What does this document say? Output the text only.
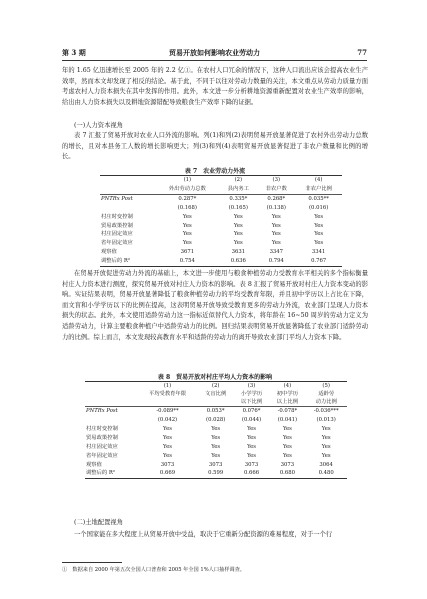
第 3 期	贸易开放如何影响农业劳动力	77

年的 1.65 亿迅速增长至 2005 年的 2.2 亿①。在农村人口冗余的情况下，这种人口流出应该会提高农业生产效率，然而本文却发现了相反的结论。基于此，不同于以往对劳动力数量的关注，本文重点从劳动力质量方面考虑农村人力资本损失在其中发挥的作用。此外，本文进一步分析耕地资源重新配置对农业生产效率的影响，给出由人力资本损失以及耕地资源错配导致粮食生产效率下降的证据。

(一)人力资本视角

表 7 汇报了贸易开放对农业人口外流的影响。列(1)和列(2)表明贸易开放显著促进了农村外出劳动力总数的增长，且对本县务工人数的增长影响更大；列(3)和列(4)表明贸易开放显著促进了非农户数量和比例的增长。

表 7　农业劳动力外流

	(1)	(2)	(3)	(4)
	外出劳动力总数	县内务工	非农户数	非农户比例
PNTRx Post	0.287*	0.335*	0.268*	0.035**
	(0.168)	(0.165)	(0.138)	(0.016)
村庄时变控制	Yes	Yes	Yes	Yes
贸易政策控制	Yes	Yes	Yes	Yes
村庄固定效应	Yes	Yes	Yes	Yes
省年固定效应	Yes	Yes	Yes	Yes
观察值	3671	3631	3347	3341
调整后的 R²	0.754	0.636	0.794	0.767

在贸易开放促进劳动力外流的基础上，本文进一步使用与粮食种植劳动力受教育水平相关的多个指标衡量村庄人力资本进行测度，探究贸易开放对村庄人力资本的影响。表 8 汇报了贸易开放对村庄人力资本变动的影响。实证结果表明，贸易开放显著降低了粮食种植劳动力的平均受教育年限，并且初中学历以上占比在下降，而文盲和小学学历以下的比例在提高，这表明贸易开放导致受教育更多的劳动力外流，农业部门呈现人力资本损失的状态。此外，本文使用适龄劳动力这一指标近似替代人力资本，将年龄在 16∼50 周岁的劳动力定义为适龄劳动力，计算主要粮食种植户中适龄劳动力的比例。回归结果表明贸易开放显著降低了农业部门适龄劳动力的比例。综上而言，本文发现较高教育水平和适龄的劳动力的离开导致农业部门平均人力资本下降。

表 8　贸易开放对村庄平均人力资本的影响

	(1)	(2)	(3)	(4)	(5)
	平均受教育年限	文盲比例	小学学历	初中学历	适龄劳
			以下比例	以上比例	动力比例
PNTRx Post	-0.089**	0.053*	0.076*	-0.078*	-0.036***
	(0.042)	(0.028)	(0.044)	(0.041)	(0.013)
村庄时变控制	Yes	Yes	Yes	Yes	Yes
贸易政策控制	Yes	Yes	Yes	Yes	Yes
村庄固定效应	Yes	Yes	Yes	Yes	Yes
省年固定效应	Yes	Yes	Yes	Yes	Yes
观察值	3073	3073	3073	3073	3064
调整后的 R²	0.669	0.599	0.666	0.680	0.480

(二)土地配置视角

一个国家能在多大程度上从贸易开放中受益，取决于它重新分配资源的难易程度，对于一个行

①　数据来自 2000 年第五次全国人口普查和 2005 年全国 1%人口抽样调查。
